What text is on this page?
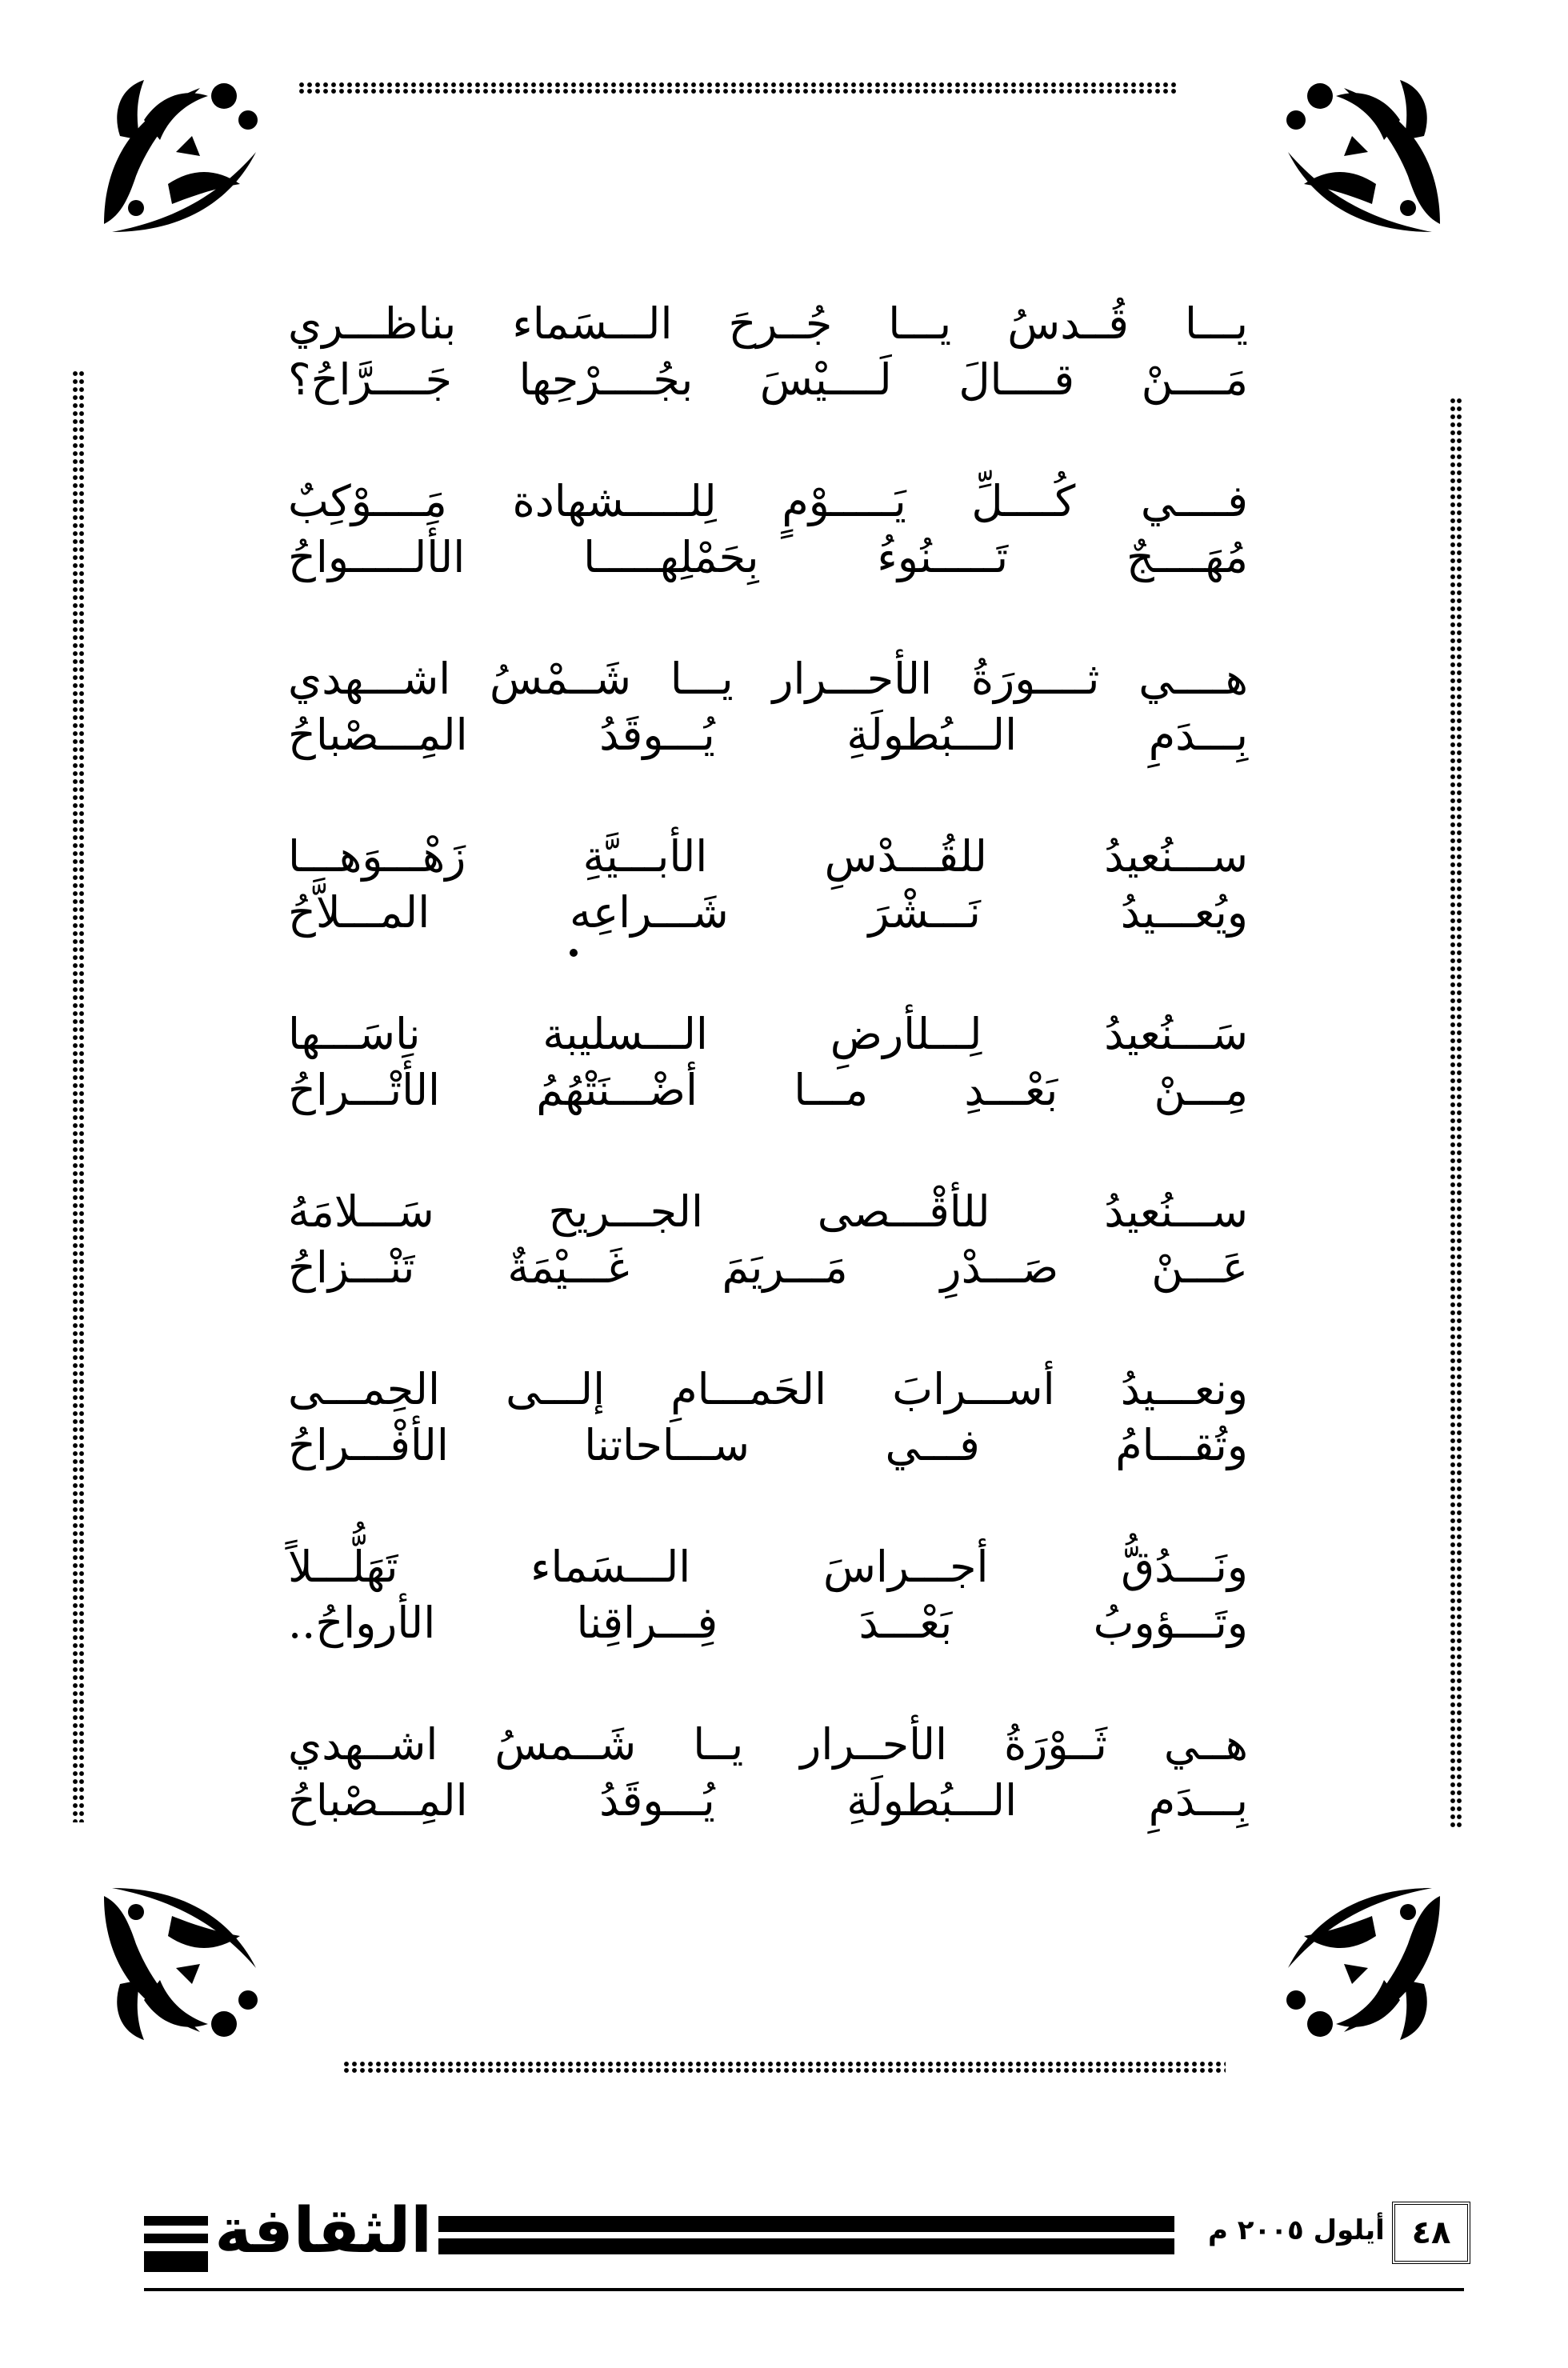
يـــا قُــدسُ يـــا جُــرحَ الـــسَماء بناظـــري
مَــــنْ قــــالَ لَــــيْسَ بجُــــرْحِها جَــــرَّاحُ؟
فــــي كُــــلِّ يَـــــوْمٍ لِلـــــشهادة مَــــوْكِبٌ
مُهَــــجٌ تَـــــنُوءُ بِحَمْلِهـــــا الأَلـــــواحُ
هــــي ثــــورَةُ الأحـــرار يـــا شَــمْسُ اشـــهدي
بِـــدَمِ الـــبُطولَةِ يُـــوقَدُ المِـــصْباحُ
ســـنُعيدُ للقُـــدْسِ الأبـــيَّةِ زَهْـــوَهـــا
ويُعـــيدُ نَـــشْرَ شَـــراعِه المـــلاَّحُ
سَـــنُعيدُ لِـــلأرضِ الـــسليبة ناسَـــها
مِـــنْ بَعْـــدِ مـــا أضْـــنَتْهُمُ الأَتْـــراحُ
ســـنُعيدُ للأقْـــصى الجـــريح سَـــلامَهُ
عَـــنْ صَـــدْرِ مَـــريَمَ غَـــيْمَةٌ تَنْـــزاحُ
ونعـــيدُ أســـرابَ الحَمـــامِ إلـــى الحِمـــى
وتُقـــامُ فـــي ســـاحاتنا الأفْـــراحُ
ونَـــدُقُّ أجـــراسَ الـــسَماء تَهَلُّـــلاً
وتَـــؤوبُ بَعْـــدَ فِـــراقِنا الأرواحُ..
هــي ثَــوْرَةُ الأحــرار يــا شَــمسُ اشــهدي
بِـــدَمِ الـــبُطولَةِ يُـــوقَدُ المِـــصْباحُ
الثقافة	أيلول ٢٠٠٥ م ٤٨
